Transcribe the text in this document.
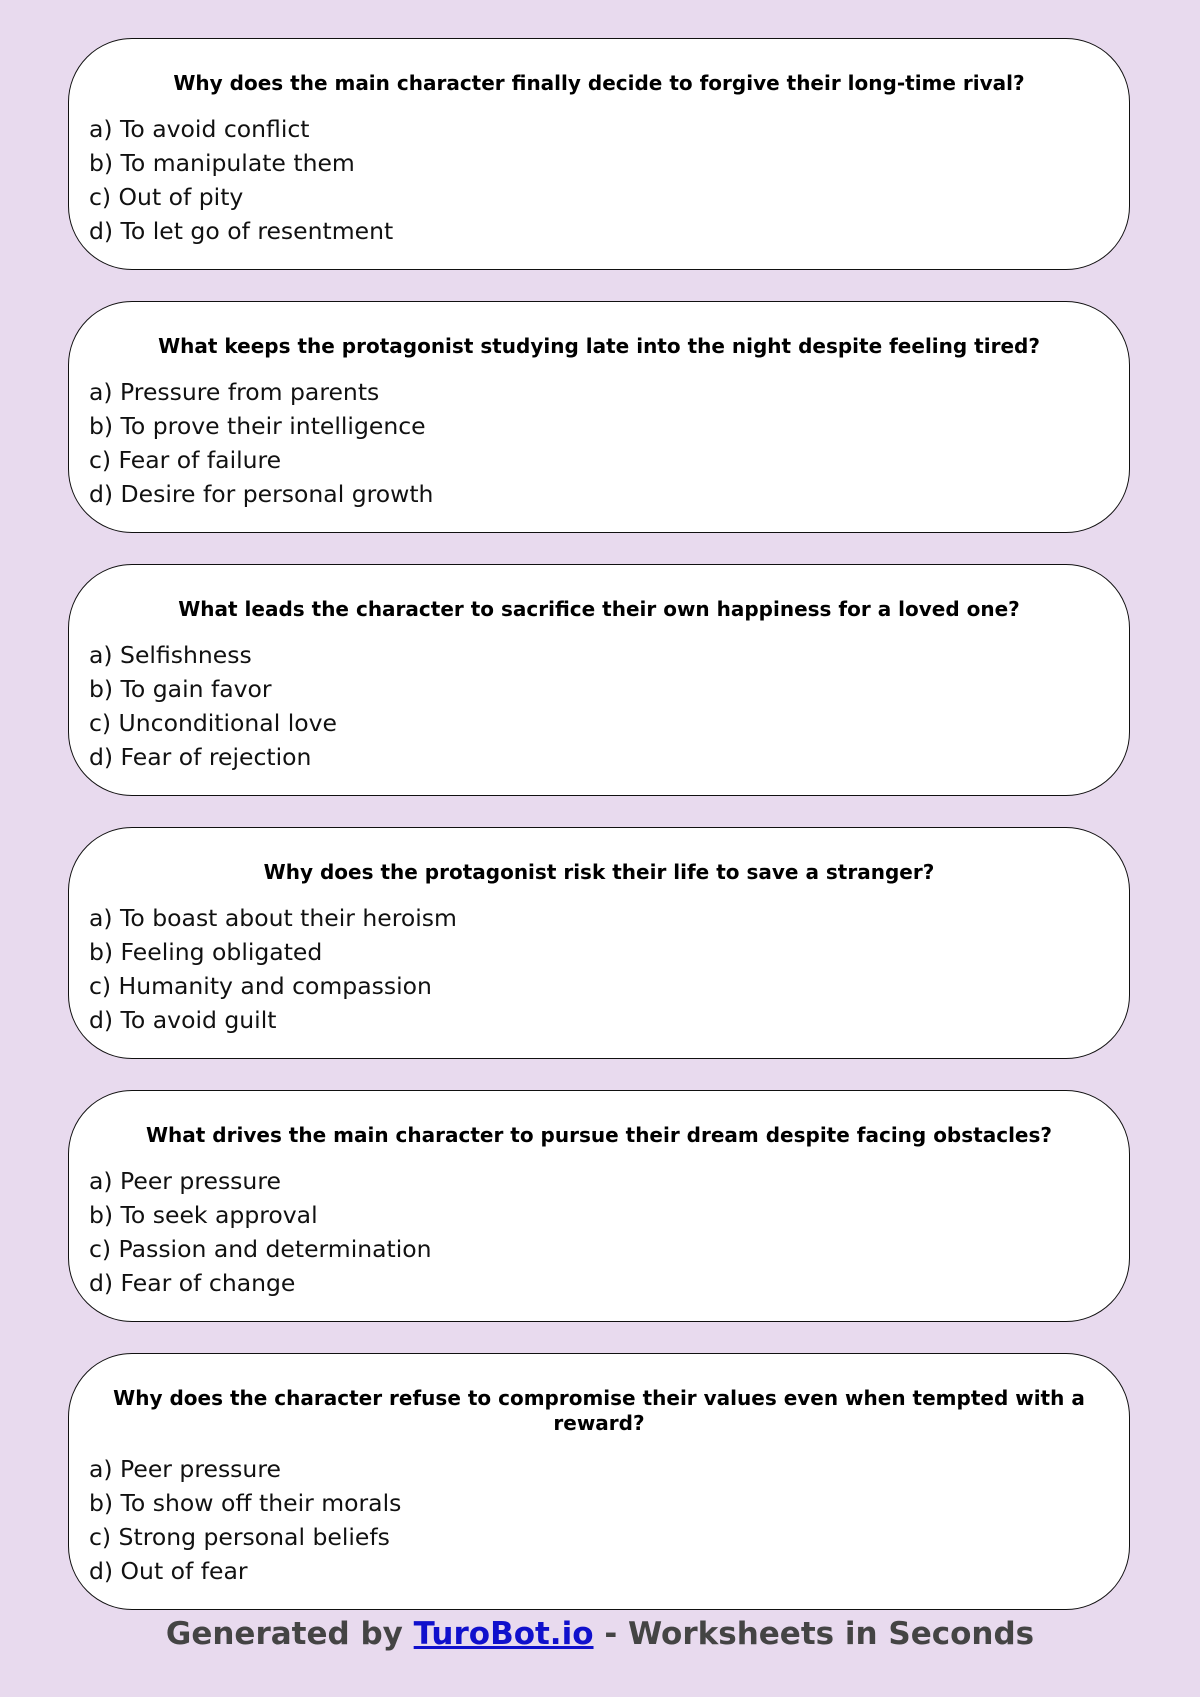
Why does the main character finally decide to forgive their long-time rival?

a) To avoid conflict
b) To manipulate them
c) Out of pity
d) To let go of resentment

What keeps the protagonist studying late into the night despite feeling tired?

a) Pressure from parents
b) To prove their intelligence
c) Fear of failure
d) Desire for personal growth

What leads the character to sacrifice their own happiness for a loved one?

a) Selfishness
b) To gain favor
c) Unconditional love
d) Fear of rejection

Why does the protagonist risk their life to save a stranger?

a) To boast about their heroism
b) Feeling obligated
c) Humanity and compassion
d) To avoid guilt

What drives the main character to pursue their dream despite facing obstacles?

a) Peer pressure
b) To seek approval
c) Passion and determination
d) Fear of change

Why does the character refuse to compromise their values even when tempted with a reward?

a) Peer pressure
b) To show off their morals
c) Strong personal beliefs
d) Out of fear
Generated by TuroBot.io - Worksheets in Seconds
